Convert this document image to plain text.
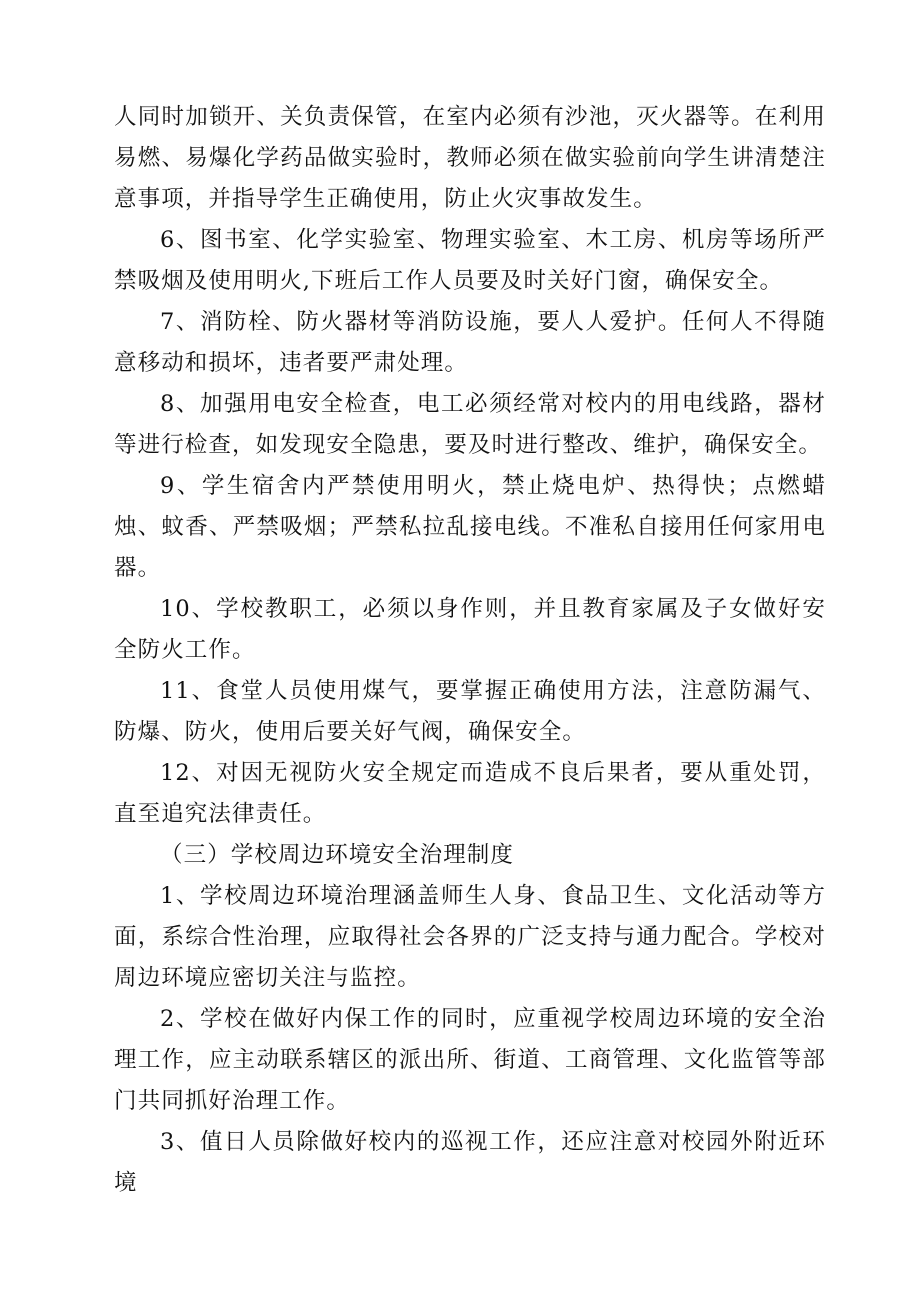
人同时加锁开、关负责保管，在室内必须有沙池，灭火器等。在利用易燃、易爆化学药品做实验时，教师必须在做实验前向学生讲清楚注意事项，并指导学生正确使用，防止火灾事故发生。

6、图书室、化学实验室、物理实验室、木工房、机房等场所严禁吸烟及使用明火,下班后工作人员要及时关好门窗，确保安全。

7、消防栓、防火器材等消防设施，要人人爱护。任何人不得随意移动和损坏，违者要严肃处理。

8、加强用电安全检查，电工必须经常对校内的用电线路，器材等进行检查，如发现安全隐患，要及时进行整改、维护，确保安全。

9、学生宿舍内严禁使用明火，禁止烧电炉、热得快；点燃蜡烛、蚊香、严禁吸烟；严禁私拉乱接电线。不准私自接用任何家用电器。

10、学校教职工，必须以身作则，并且教育家属及子女做好安全防火工作。

11、食堂人员使用煤气，要掌握正确使用方法，注意防漏气、防爆、防火，使用后要关好气阀，确保安全。

12、对因无视防火安全规定而造成不良后果者，要从重处罚，直至追究法律责任。

（三）学校周边环境安全治理制度

1、学校周边环境治理涵盖师生人身、食品卫生、文化活动等方面，系综合性治理，应取得社会各界的广泛支持与通力配合。学校对周边环境应密切关注与监控。

2、学校在做好内保工作的同时，应重视学校周边环境的安全治理工作，应主动联系辖区的派出所、街道、工商管理、文化监管等部门共同抓好治理工作。

3、值日人员除做好校内的巡视工作，还应注意对校园外附近环境
